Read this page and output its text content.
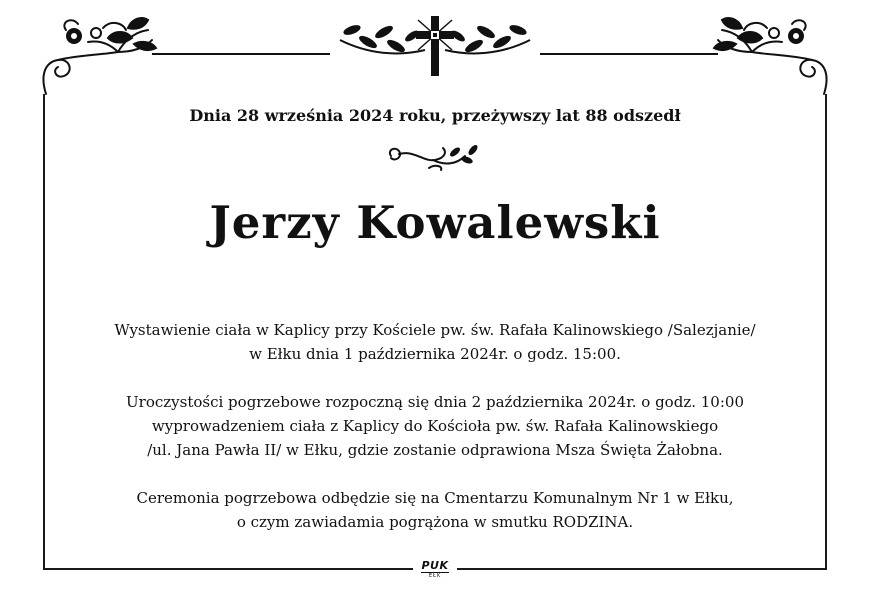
Dnia 28 września 2024 roku, przeżywszy lat 88 odszedł
Jerzy Kowalewski

Wystawienie ciała w Kaplicy przy Kościele pw. św. Rafała Kalinowskiego /Salezjanie/
w Ełku dnia 1 października 2024r. o godz. 15:00.

Uroczystości pogrzebowe rozpoczną się dnia 2 października 2024r. o godz. 10:00
wyprowadzeniem ciała z Kaplicy do Kościoła pw. św. Rafała Kalinowskiego
/ul. Jana Pawła II/ w Ełku, gdzie zostanie odprawiona Msza Święta Żałobna.

Ceremonia pogrzebowa odbędzie się na Cmentarzu Komunalnym Nr 1 w Ełku,
o czym zawiadamia pogrążona w smutku RODZINA.

PUK
EŁK
